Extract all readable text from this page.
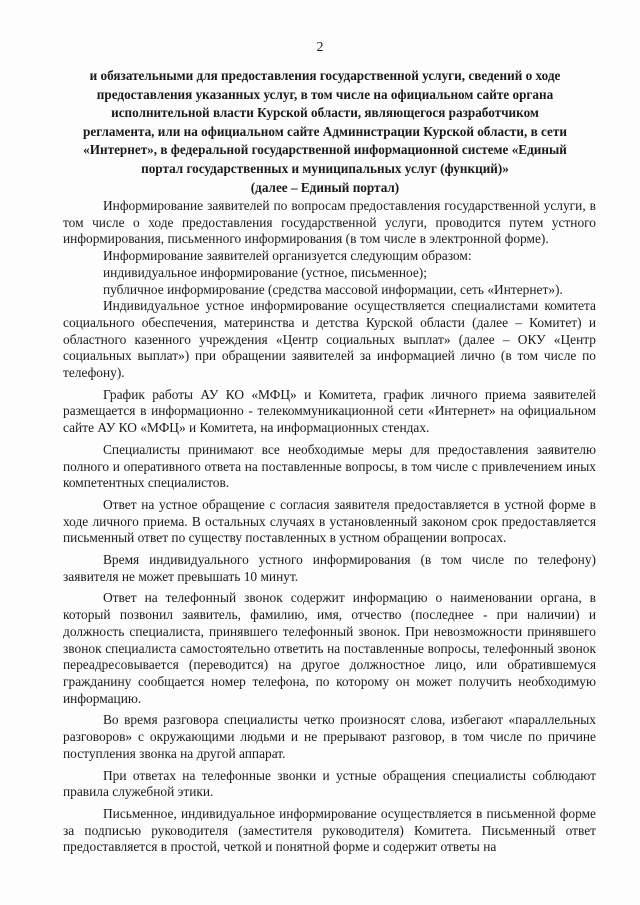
2
и обязательными для предоставления государственной услуги, сведений о ходе
предоставления указанных услуг, в том числе на официальном сайте органа
исполнительной власти Курской области, являющегося разработчиком
регламента, или на официальном сайте Администрации Курской области, в сети
«Интернет», в федеральной государственной информационной системе «Единый
портал государственных и муниципальных услуг (функций)»
(далее – Единый портал)

Информирование заявителей по вопросам предоставления государственной услуги, в том числе о ходе предоставления государственной услуги, проводится путем устного информирования, письменного информирования (в том числе в электронной форме).

Информирование заявителей организуется следующим образом:

индивидуальное информирование (устное, письменное);

публичное информирование (средства массовой информации, сеть «Интернет»).

Индивидуальное устное информирование осуществляется специалистами комитета социального обеспечения, материнства и детства Курской области (далее – Комитет) и областного казенного учреждения «Центр социальных выплат» (далее – ОКУ «Центр социальных выплат») при обращении заявителей за информацией лично (в том числе по телефону).

График работы АУ КО «МФЦ» и Комитета, график личного приема заявителей размещается в информационно - телекоммуникационной сети «Интернет» на официальном сайте АУ КО «МФЦ» и Комитета, на информационных стендах.

Специалисты принимают все необходимые меры для предоставления заявителю полного и оперативного ответа на поставленные вопросы, в том числе с привлечением иных компетентных специалистов.

Ответ на устное обращение с согласия заявителя предоставляется в устной форме в ходе личного приема. В остальных случаях в установленный законом срок предоставляется письменный ответ по существу поставленных в устном обращении вопросах.

Время индивидуального устного информирования (в том числе по телефону) заявителя не может превышать 10 минут.

Ответ на телефонный звонок содержит информацию о наименовании органа, в который позвонил заявитель, фамилию, имя, отчество (последнее - при наличии) и должность специалиста, принявшего телефонный звонок. При невозможности принявшего звонок специалиста самостоятельно ответить на поставленные вопросы, телефонный звонок переадресовывается (переводится) на другое должностное лицо, или обратившемуся гражданину сообщается номер телефона, по которому он может получить необходимую информацию.

Во время разговора специалисты четко произносят слова, избегают «параллельных разговоров» с окружающими людьми и не прерывают разговор, в том числе по причине поступления звонка на другой аппарат.

При ответах на телефонные звонки и устные обращения специалисты соблюдают правила служебной этики.

Письменное, индивидуальное информирование осуществляется в письменной форме за подписью руководителя (заместителя руководителя) Комитета. Письменный ответ предоставляется в простой, четкой и понятной форме и содержит ответы на
